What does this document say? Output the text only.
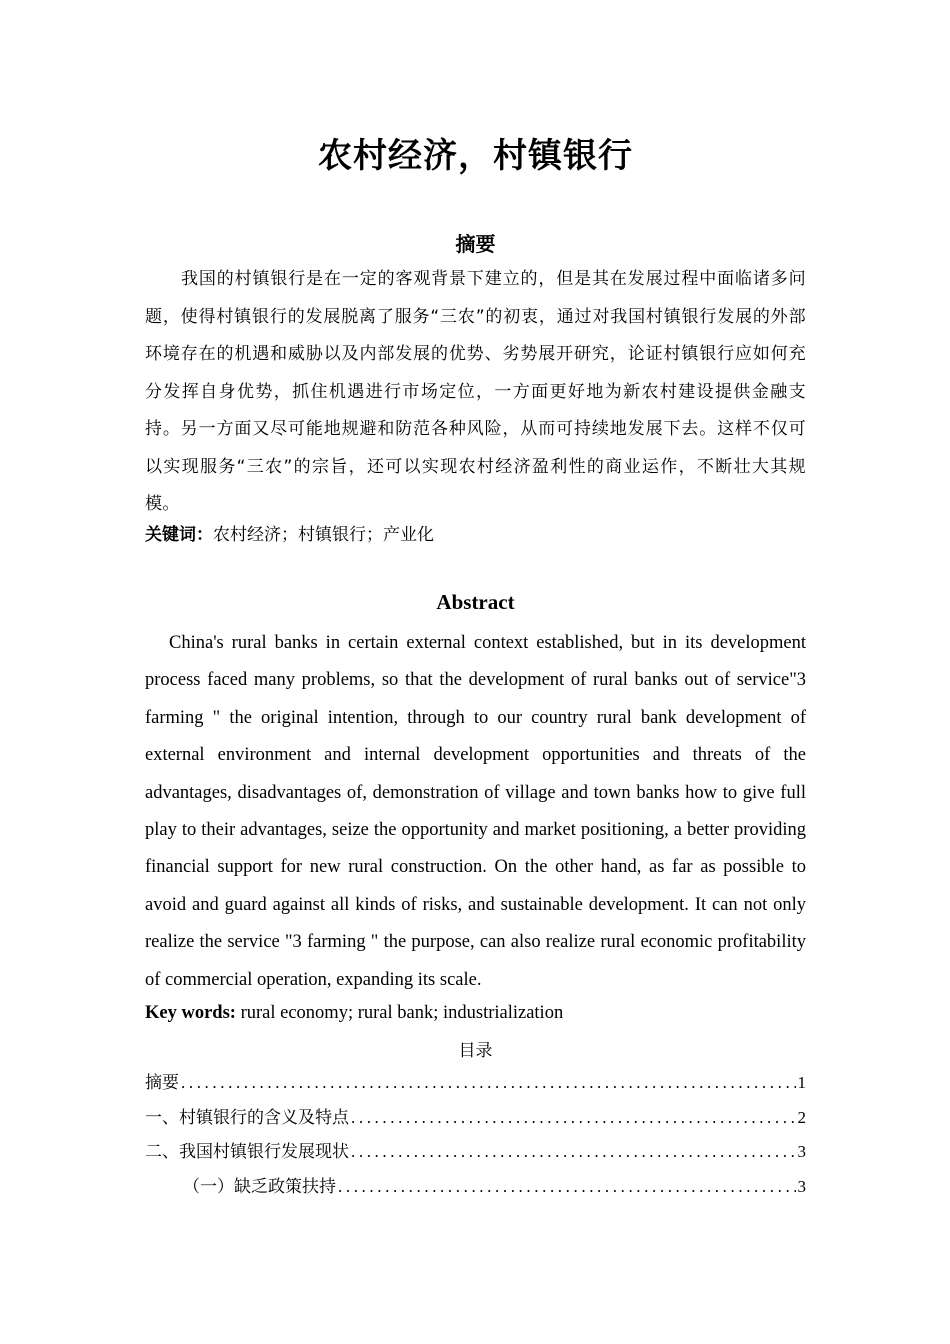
农村经济，村镇银行
摘要

我国的村镇银行是在一定的客观背景下建立的，但是其在发展过程中面临诸多问题，使得村镇银行的发展脱离了服务“三农”的初衷，通过对我国村镇银行发展的外部环境存在的机遇和威胁以及内部发展的优势、劣势展开研究，论证村镇银行应如何充分发挥自身优势，抓住机遇进行市场定位，一方面更好地为新农村建设提供金融支持。另一方面又尽可能地规避和防范各种风险，从而可持续地发展下去。这样不仅可以实现服务“三农”的宗旨，还可以实现农村经济盈利性的商业运作，不断壮大其规模。

关键词：农村经济；村镇银行；产业化
Abstract

China's rural banks in certain external context established, but in its development process faced many problems, so that the development of rural banks out of service"3 farming " the original intention, through to our country rural bank development of external environment and internal development opportunities and threats of the advantages, disadvantages of, demonstration of village and town banks how to give full play to their advantages, seize the opportunity and market positioning, a better providing financial support for new rural construction. On the other hand, as far as possible to avoid and guard against all kinds of risks, and sustainable development. It can not only realize the service "3 farming " the purpose, can also realize rural economic profitability of commercial operation, expanding its scale.

Key words: rural economy; rural bank; industrialization
目录
摘要 .....	1
一、村镇银行的含义及特点 .....	2
二、我国村镇银行发展现状 .....	3
（一）缺乏政策扶持 .....	3
